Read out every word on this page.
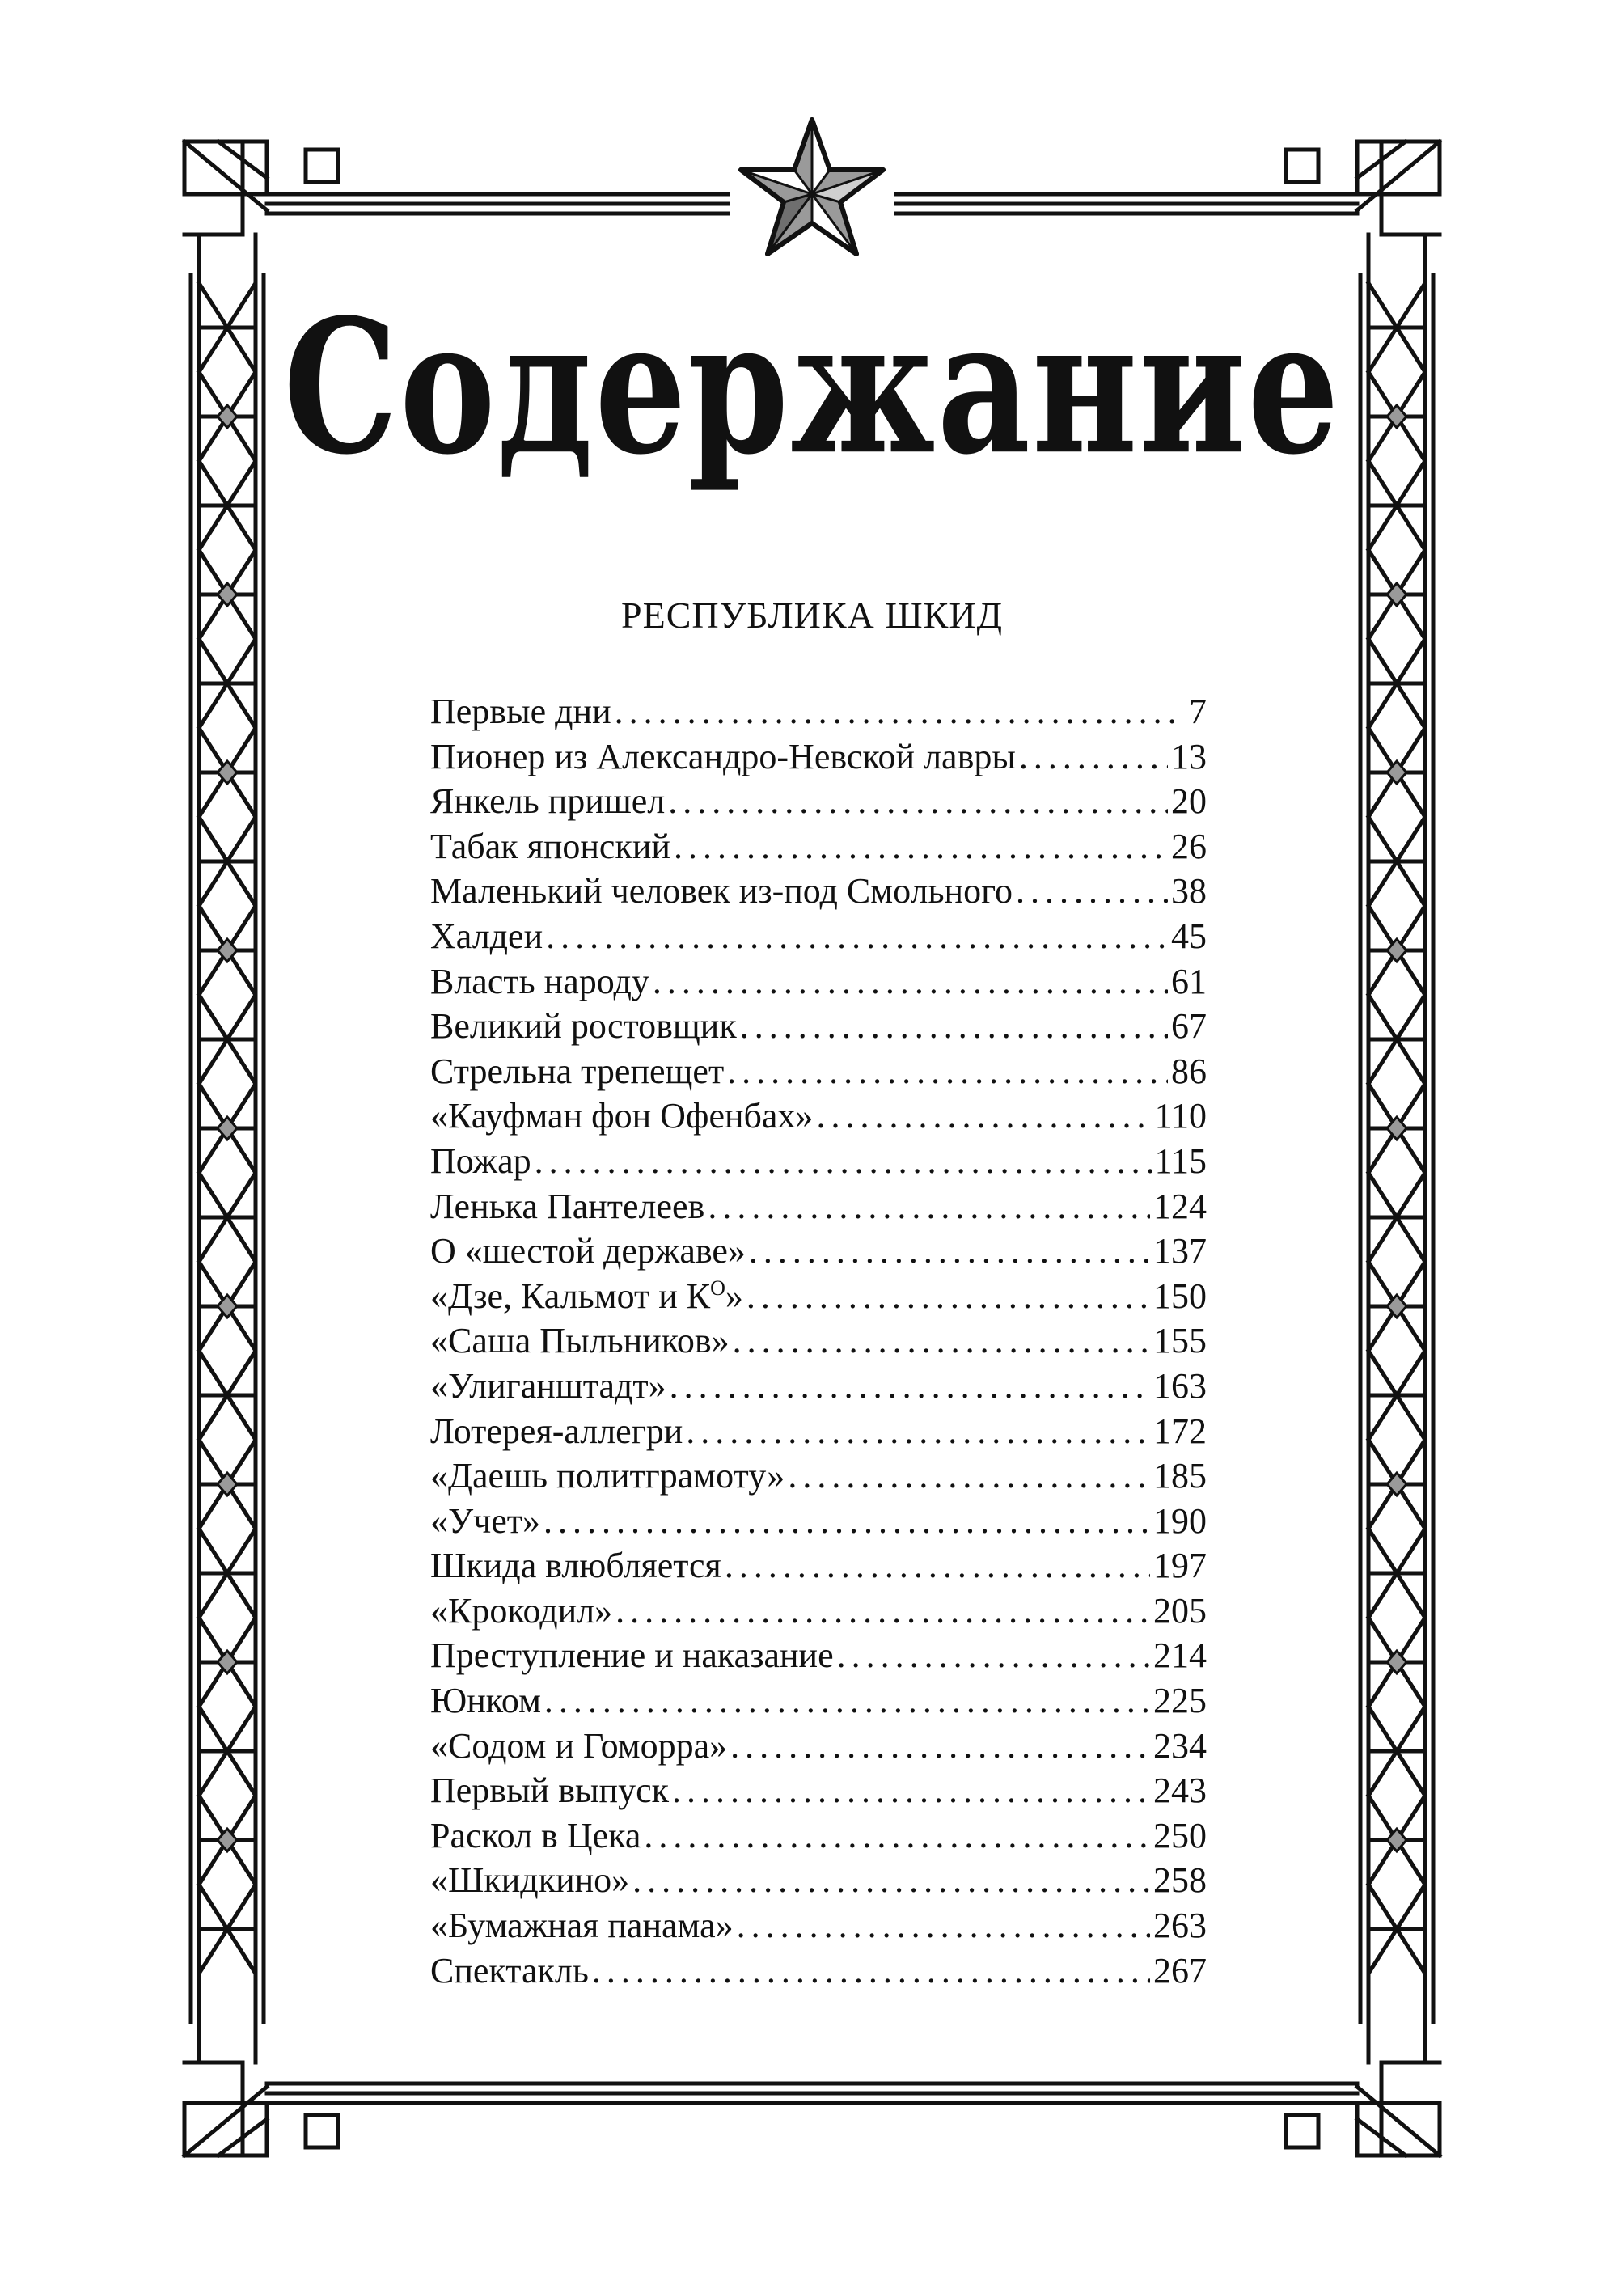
Содержание
РЕСПУБЛИКА ШКИД
Первые дни . . .	7
Пионер из Александро-Невской лавры . . .	13
Янкель пришел . . .	20
Табак японский . . .	26
Маленький человек из-под Смольного . . .	38
Халдеи . . .	45
Власть народу . . .	61
Великий ростовщик . . .	67
Стрельна трепещет . . .	86
«Кауфман фон Офенбах» . . .	110
Пожар . . .	115
Ленька Пантелеев . . .	124
О «шестой державе» . . .	137
«Дзе, Кальмот и $К^О$» . . .	150
«Саша Пыльников» . . .	155
«Улиганштадт» . . .	163
Лотерея-аллегри . . .	172
«Даешь политграмоту» . . .	185
«Учет» . . .	190
Шкида влюбляется . . .	197
«Крокодил» . . .	205
Преступление и наказание . . .	214
Юнком . . .	225
«Содом и Гоморра» . . .	234
Первый выпуск . . .	243
Раскол в Цека . . .	250
«Шкидкино» . . .	258
«Бумажная панама» . . .	263
Спектакль . . .	267
